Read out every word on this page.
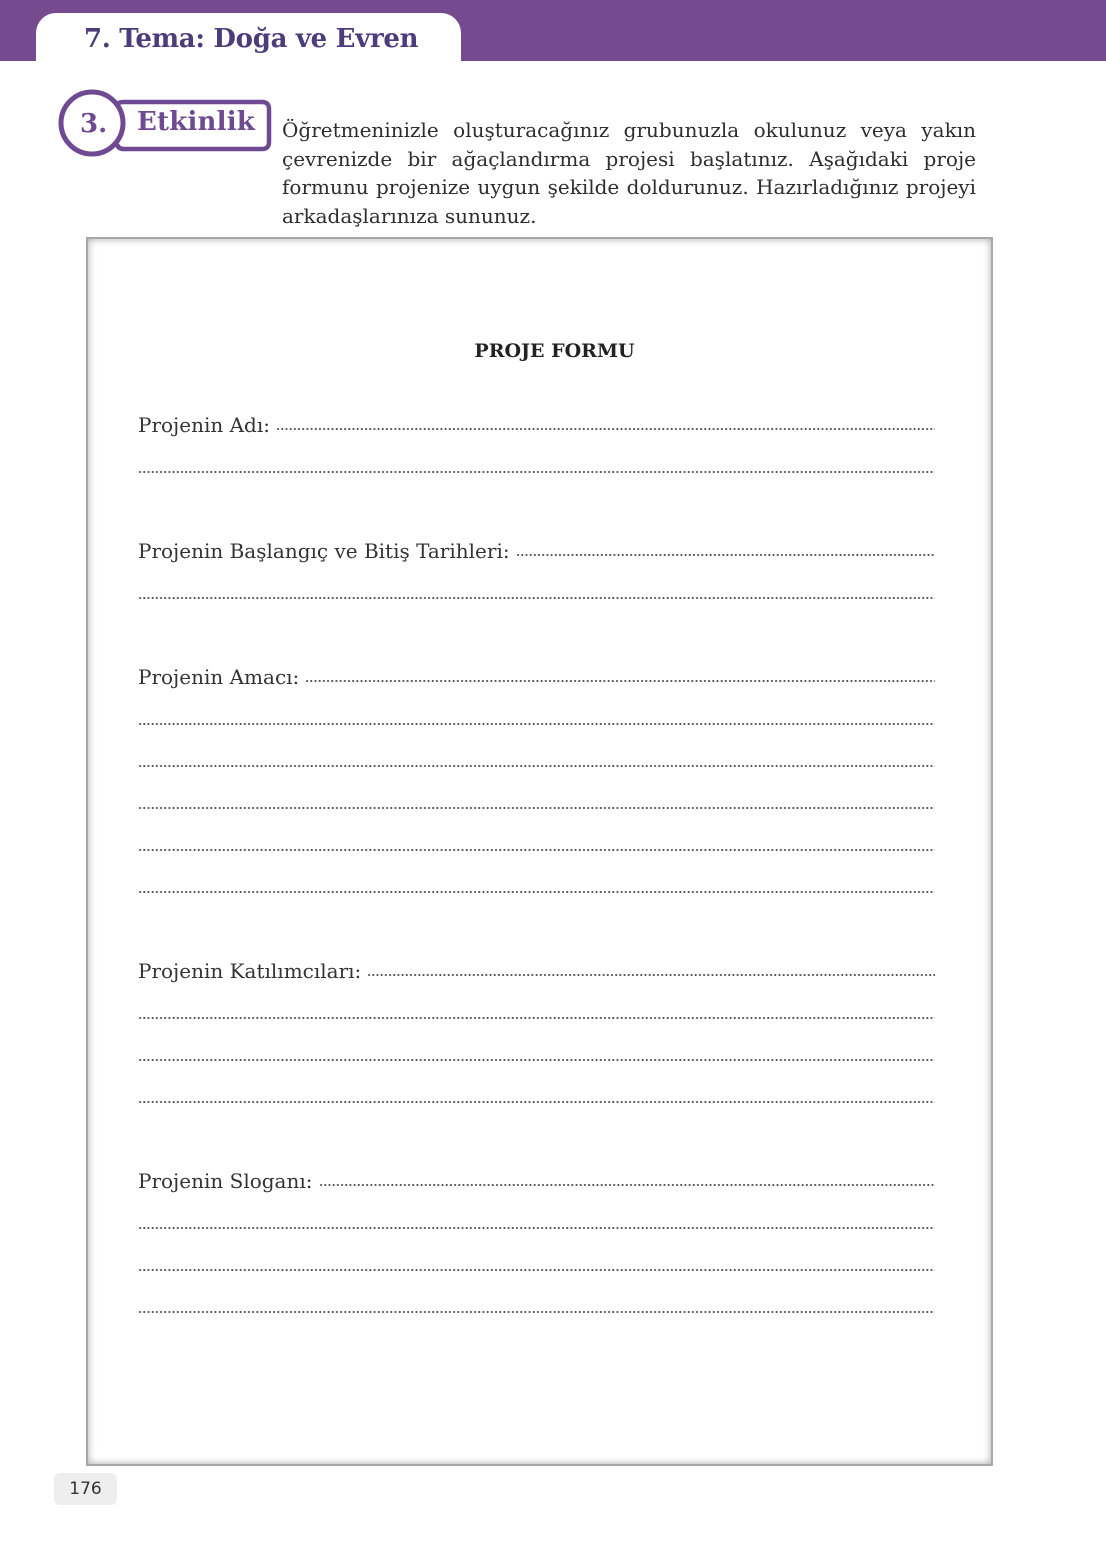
7. Tema: Doğa ve Evren
3. Etkinlik Öğretmeninizle oluşturacağınız grubunuzla okulunuz veya yakın çevrenizde bir ağaçlandırma projesi başlatınız. Aşağıdaki proje formunu projenize uygun şekilde doldurunuz. Hazırladığınız projeyi arkadaşlarınıza sununuz.
PROJE FORMU
Projenin Adı:
Projenin Başlangıç ve Bitiş Tarihleri:
Projenin Amacı:
Projenin Katılımcıları:
Projenin Sloganı:
176
